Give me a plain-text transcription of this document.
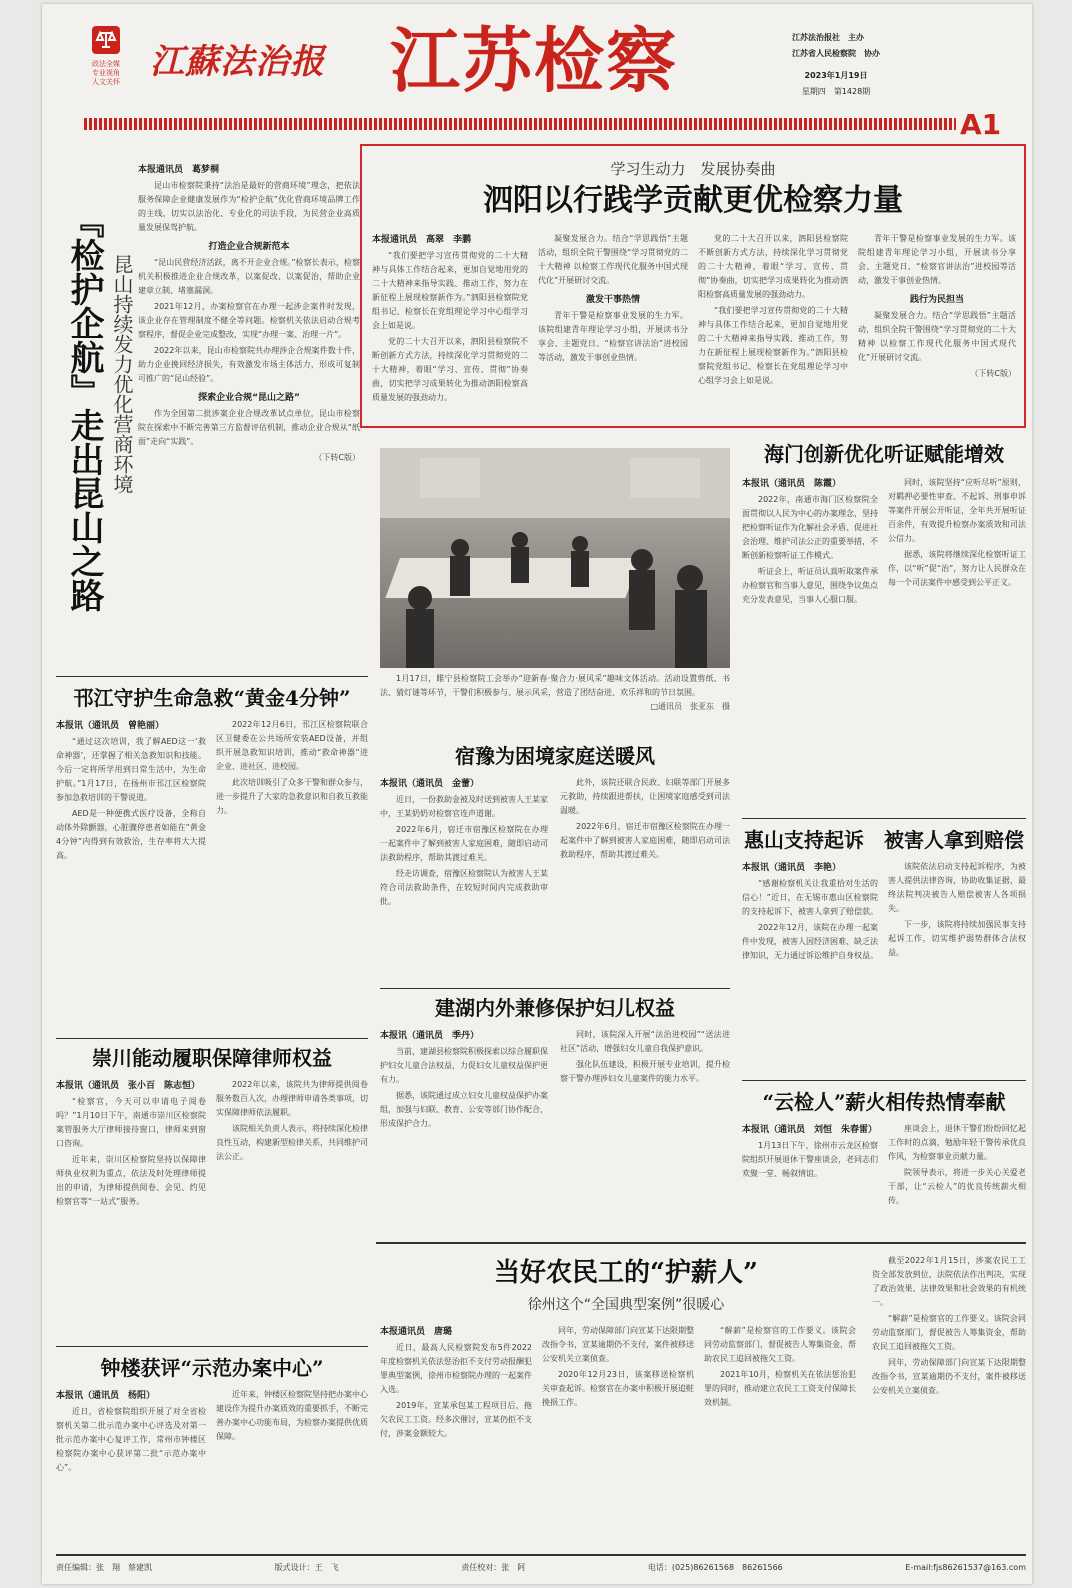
政法全媒
专业视角
人文关怀 江蘇法治报 江苏检察	江苏法治报社　 主办
江苏省人民检察院　 协办
2023年1月19日
星期四　 第1428期
A1
『检护企航』走出昆山之路 昆山持续发力优化营商环境
本报通讯员　葛梦桐

昆山市检察院秉持“法治是最好的营商环境”理念，把依法服务保障企业健康发展作为“检护企航”优化营商环境品牌工作的主线，切实以法治化、专业化的司法手段，为民营企业高质量发展保驾护航。

打造企业合规新范本

“昆山民营经济活跃，离不开企业合规。”检察长表示，检察机关积极推进企业合规改革，以案促改、以案促治，帮助企业建章立制、堵塞漏洞。

2021年12月，办案检察官在办理一起涉企案件时发现，该企业存在管理制度不健全等问题。检察机关依法启动合规考察程序，督促企业完成整改，实现“办理一案、治理一片”。

2022年以来，昆山市检察院共办理涉企合规案件数十件，助力企业挽回经济损失，有效激发市场主体活力，形成可复制可推广的“昆山经验”。

探索企业合规“昆山之路”

作为全国第二批涉案企业合规改革试点单位，昆山市检察院在探索中不断完善第三方监督评估机制，推动企业合规从“纸面”走向“实践”。

（下转C版）
学习生动力　发展协奏曲
泗阳以行践学贡献更优检察力量
本报通讯员　高翠　李鹏

“我们要把学习宣传贯彻党的二十大精神与具体工作结合起来，更加自觉地用党的二十大精神来指导实践、推动工作，努力在新征程上展现检察新作为。”泗阳县检察院党组书记、检察长在党组理论学习中心组学习会上如是说。

党的二十大召开以来，泗阳县检察院不断创新方式方法，持续深化学习贯彻党的二十大精神，着眼“学习、宣传、贯彻”协奏曲，切实把学习成果转化为推动泗阳检察高质量发展的强劲动力。

凝聚发展合力。结合“学思践悟”主题活动，组织全院干警围绕“学习贯彻党的二十大精神 以检察工作现代化服务中国式现代化”开展研讨交流。

激发干事热情

青年干警是检察事业发展的生力军。该院组建青年理论学习小组，开展读书分享会、主题党日、“检察官讲法治”进校园等活动，激发干事创业热情。

党的二十大召开以来，泗阳县检察院不断创新方式方法，持续深化学习贯彻党的二十大精神，着眼“学习、宣传、贯彻”协奏曲，切实把学习成果转化为推动泗阳检察高质量发展的强劲动力。

“我们要把学习宣传贯彻党的二十大精神与具体工作结合起来，更加自觉地用党的二十大精神来指导实践、推动工作，努力在新征程上展现检察新作为。”泗阳县检察院党组书记、检察长在党组理论学习中心组学习会上如是说。

青年干警是检察事业发展的生力军。该院组建青年理论学习小组，开展读书分享会、主题党日、“检察官讲法治”进校园等活动，激发干事创业热情。

践行为民担当

凝聚发展合力。结合“学思践悟”主题活动，组织全院干警围绕“学习贯彻党的二十大精神 以检察工作现代化服务中国式现代化”开展研讨交流。

（下转C版）

1月17日，睢宁县检察院工会举办“迎新春·聚合力·展风采”趣味文体活动。活动设置剪纸、书法、猜灯谜等环节，干警们积极参与、展示风采，营造了团结奋进、欢乐祥和的节日氛围。

□通讯员　张亚东　摄
海门创新优化听证赋能增效
本报讯（通讯员　陈霞）

2022年，南通市海门区检察院全面贯彻以人民为中心的办案理念，坚持把检察听证作为化解社会矛盾、促进社会治理、维护司法公正的重要举措，不断创新检察听证工作模式。

听证会上，听证员认真听取案件承办检察官和当事人意见，围绕争议焦点充分发表意见，当事人心服口服。

同时，该院坚持“应听尽听”原则，对羁押必要性审查、不起诉、刑事申诉等案件开展公开听证，全年共开展听证百余件，有效提升检察办案质效和司法公信力。

据悉，该院将继续深化检察听证工作，以“听”促“治”，努力让人民群众在每一个司法案件中感受到公平正义。

邗江守护生命急救“黄金4分钟”
本报讯（通讯员　曾艳丽）

“通过这次培训，我了解AED这一‘救命神器’，还掌握了相关急救知识和技能。今后一定将所学用到日常生活中，为生命护航。”1月17日，在扬州市邗江区检察院参加急救培训的干警说道。

AED是一种便携式医疗设备，全称自动体外除颤器，心脏骤停患者如能在“黄金4分钟”内得到有效救治，生存率将大大提高。

2022年12月6日，邗江区检察院联合区卫健委在公共场所安装AED设备，并组织开展急救知识培训，推动“救命神器”进企业、进社区、进校园。

此次培训吸引了众多干警和群众参与，进一步提升了大家的急救意识和自救互救能力。

宿豫为困境家庭送暖风
本报讯（通讯员　金蕾）

近日，一份救助金被及时送到被害人王某家中，王某奶奶对检察官连声道谢。

2022年6月，宿迁市宿豫区检察院在办理一起案件中了解到被害人家庭困难，随即启动司法救助程序，帮助其渡过难关。

经走访调查，宿豫区检察院认为被害人王某符合司法救助条件，在较短时间内完成救助审批。

此外，该院还联合民政、妇联等部门开展多元救助，持续跟进帮扶，让困境家庭感受到司法温暖。

2022年6月，宿迁市宿豫区检察院在办理一起案件中了解到被害人家庭困难，随即启动司法救助程序，帮助其渡过难关。

建湖内外兼修保护妇儿权益
本报讯（通讯员　季丹）

当前，建湖县检察院积极探索以综合履职保护妇女儿童合法权益，力促妇女儿童权益保护更有力。

据悉，该院通过成立妇女儿童权益保护办案组，加强与妇联、教育、公安等部门协作配合，形成保护合力。

同时，该院深入开展“法治进校园”“送法进社区”活动，增强妇女儿童自我保护意识。

强化队伍建设，积极开展专业培训，提升检察干警办理涉妇女儿童案件的能力水平。

惠山支持起诉　被害人拿到赔偿
本报讯（通讯员　李艳）

“感谢检察机关让我重拾对生活的信心！”近日，在无锡市惠山区检察院的支持起诉下，被害人拿到了赔偿款。

2022年12月，该院在办理一起案件中发现，被害人因经济困难、缺乏法律知识，无力通过诉讼维护自身权益。

该院依法启动支持起诉程序，为被害人提供法律咨询，协助收集证据，最终法院判决被告人赔偿被害人各项损失。

下一步，该院将持续加强民事支持起诉工作，切实维护弱势群体合法权益。

“云检人”薪火相传热情奉献
本报讯（通讯员　刘恒　朱春雷）

1月13日下午，徐州市云龙区检察院组织开展退休干警座谈会，老同志们欢聚一堂、畅叙情谊。

座谈会上，退休干警们纷纷回忆起工作时的点滴，勉励年轻干警传承优良作风，为检察事业贡献力量。

院领导表示，将进一步关心关爱老干部，让“云检人”的优良传统薪火相传。

崇川能动履职保障律师权益
本报讯（通讯员　张小百　陈志恒）

“检察官，今天可以申请电子阅卷吗？”1月10日下午，南通市崇川区检察院案管服务大厅律师接待窗口，律师来到窗口咨询。

近年来，崇川区检察院坚持以保障律师执业权利为重点，依法及时处理律师提出的申请，为律师提供阅卷、会见、约见检察官等“一站式”服务。

2022年以来，该院共为律师提供阅卷服务数百人次，办理律师申请各类事项，切实保障律师依法履职。

该院相关负责人表示，将持续深化检律良性互动，构建新型检律关系，共同维护司法公正。

钟楼获评“示范办案中心”
本报讯（通讯员　杨阳）

近日，省检察院组织开展了对全省检察机关第二批示范办案中心评选及对第一批示范办案中心复评工作，常州市钟楼区检察院办案中心获评第二批“示范办案中心”。

近年来，钟楼区检察院坚持把办案中心建设作为提升办案质效的重要抓手，不断完善办案中心功能布局，为检察办案提供优质保障。

当好农民工的“护薪人”
徐州这个“全国典型案例”很暖心
本报通讯员　唐璐

近日，最高人民检察院发布5件2022年度检察机关依法惩治拒不支付劳动报酬犯罪典型案例，徐州市检察院办理的一起案件入选。

2019年，宣某承包某工程项目后，拖欠农民工工资。经多次催讨，宣某仍拒不支付，涉案金额较大。

同年，劳动保障部门向宣某下达限期整改指令书，宣某逾期仍不支付，案件被移送公安机关立案侦查。

2020年12月23日，该案移送检察机关审查起诉。检察官在办案中积极开展追赃挽损工作。

“解薪”是检察官的工作要义。该院会同劳动监察部门，督促被告人筹集资金，帮助农民工追回被拖欠工资。

2021年10月，检察机关在依法惩治犯罪的同时，推动建立农民工工资支付保障长效机制。

截至2022年1月15日，涉案农民工工资全部发放到位，法院依法作出判决，实现了政治效果、法律效果和社会效果的有机统一。

“解薪”是检察官的工作要义。该院会同劳动监察部门，督促被告人筹集资金，帮助农民工追回被拖欠工资。

同年，劳动保障部门向宣某下达限期整改指令书，宣某逾期仍不支付，案件被移送公安机关立案侦查。

责任编辑：张　翔　蔡建凯	版式设计：王　飞	责任校对：张　阿	电话：(025)86261568　86261566	E-mail:fjs86261537@163.com
